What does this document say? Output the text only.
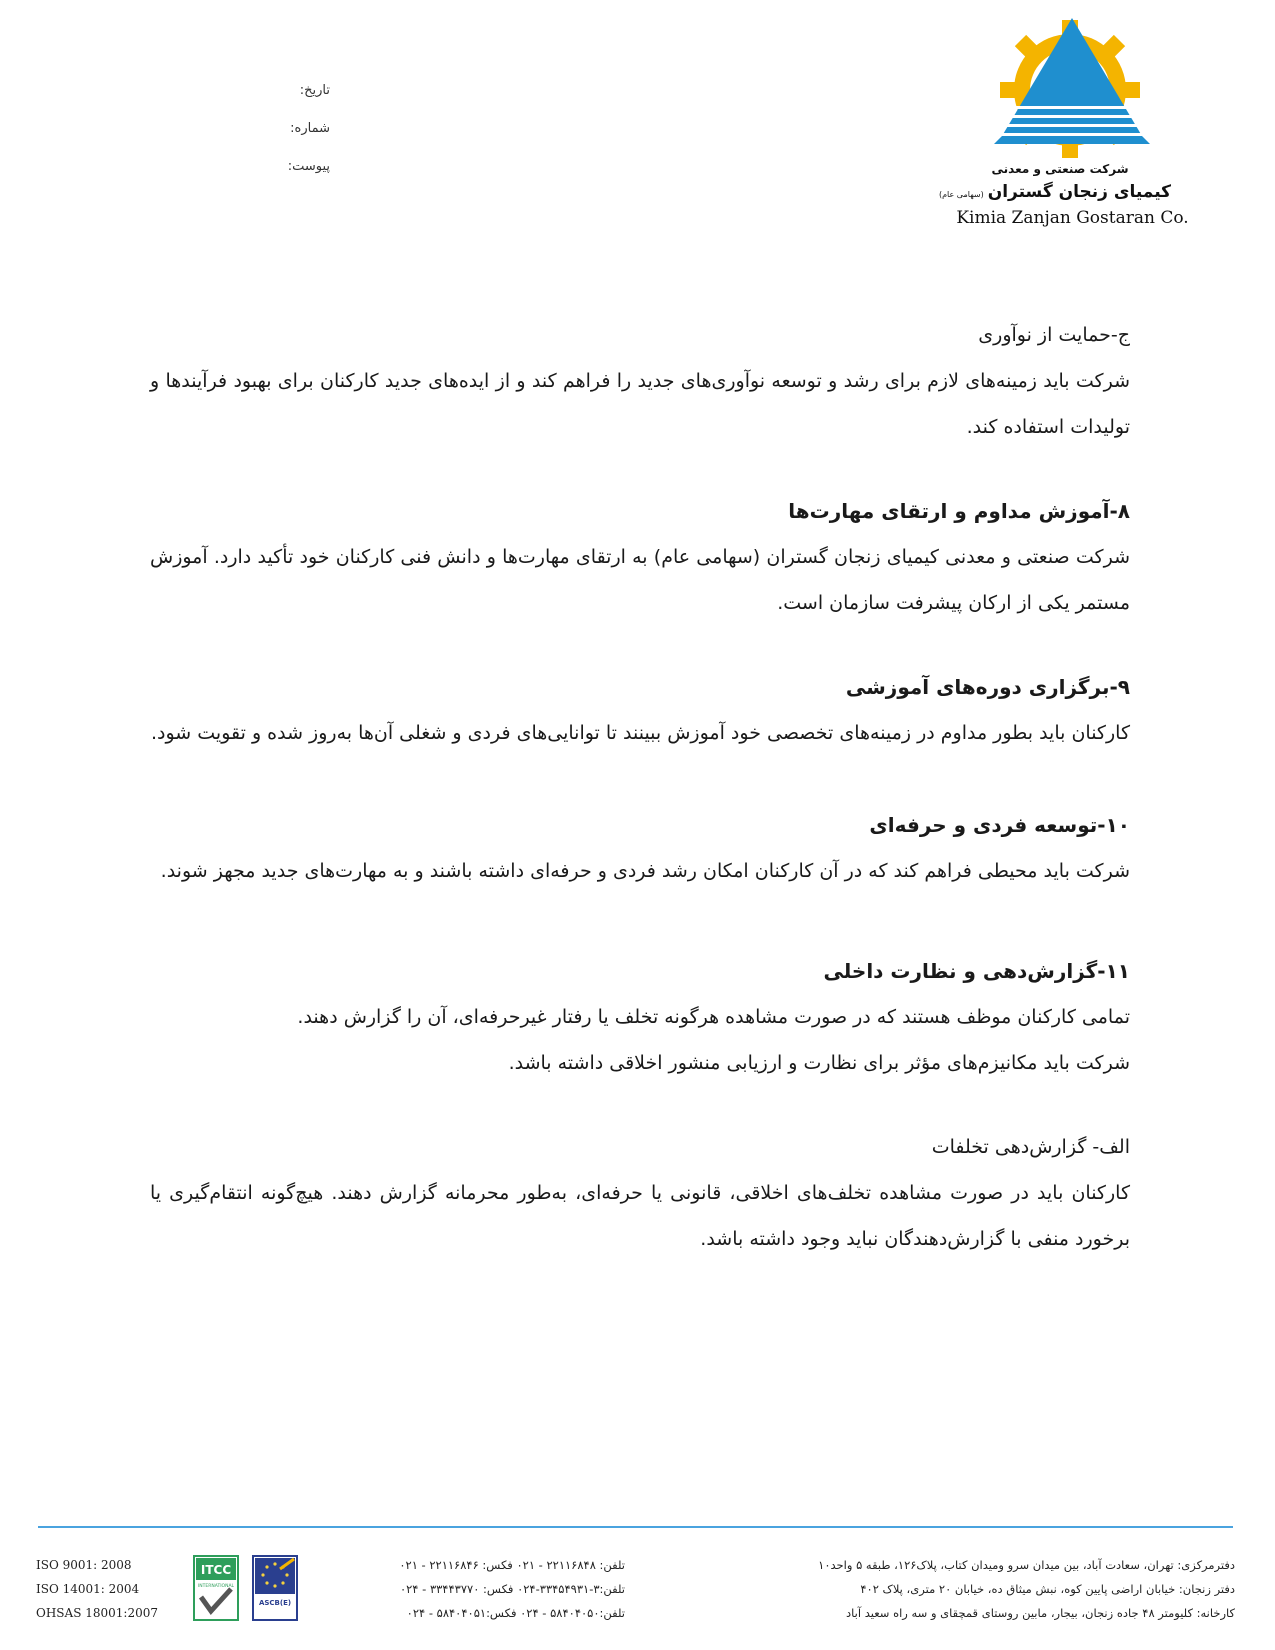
تاریخ:
شماره:
پیوست:	شرکت صنعتی و معدنی
کیمیای زنجان گستران(سهامی عام)
Kimia Zanjan Gostaran Co.

ج-حمایت از نوآوری

شرکت باید زمینه‌های لازم برای رشد و توسعه نوآوری‌های جدید را فراهم کند و از ایده‌های جدید کارکنان برای بهبود فرآیندها و تولیدات استفاده کند.

۸-آموزش مداوم و ارتقای مهارت‌ها

شرکت صنعتی و معدنی کیمیای زنجان گستران (سهامی عام) به ارتقای مهارت‌ها و دانش فنی کارکنان خود تأکید دارد. آموزش مستمر یکی از ارکان پیشرفت سازمان است.

۹-برگزاری دوره‌های آموزشی

کارکنان باید بطور مداوم در زمینه‌های تخصصی خود آموزش ببینند تا توانایی‌های فردی و شغلی آن‌ها به‌روز شده و تقویت شود.

۱۰-توسعه فردی و حرفه‌ای

شرکت باید محیطی فراهم کند که در آن کارکنان امکان رشد فردی و حرفه‌ای داشته باشند و به مهارت‌های جدید مجهز شوند.

۱۱-گزارش‌دهی و نظارت داخلی

تمامی کارکنان موظف هستند که در صورت مشاهده هرگونه تخلف یا رفتار غیرحرفه‌ای، آن را گزارش دهند.

شرکت باید مکانیزم‌های مؤثر برای نظارت و ارزیابی منشور اخلاقی داشته باشد.

الف- گزارش‌دهی تخلفات

کارکنان باید در صورت مشاهده تخلف‌های اخلاقی، قانونی یا حرفه‌ای، به‌طور محرمانه گزارش دهند. هیچ‌گونه انتقام‌گیری یا برخورد منفی با گزارش‌دهندگان نباید وجود داشته باشد.

ISO 9001: 2008
ISO 14001: 2004
OHSAS 18001:2007
ITCC
INTERNATIONAL
ASCB(E)
تلفن: ۲۲۱۱۶۸۴۸ - ۰۲۱ فکس: ۲۲۱۱۶۸۴۶ - ۰۲۱
تلفن:۳-۳۳۴۵۴۹۳۱-۰۲۴ فکس: ۳۳۴۴۳۷۷۰ - ۰۲۴
تلفن:۵۸۴۰۴۰۵۰ - ۰۲۴ فکس:۵۸۴۰۴۰۵۱ - ۰۲۴
دفترمرکزی: تهران، سعادت آباد، بین میدان سرو ومیدان کتاب، پلاک۱۲۶، طبقه ۵ واحد۱۰
دفتر زنجان: خیابان اراضی پایین کوه، نبش میثاق ده، خیابان ۲۰ متری، پلاک ۴۰۲
کارخانه: کلیومتر ۴۸ جاده زنجان، بیجار، مابین روستای قمچقای و سه راه سعید آباد
